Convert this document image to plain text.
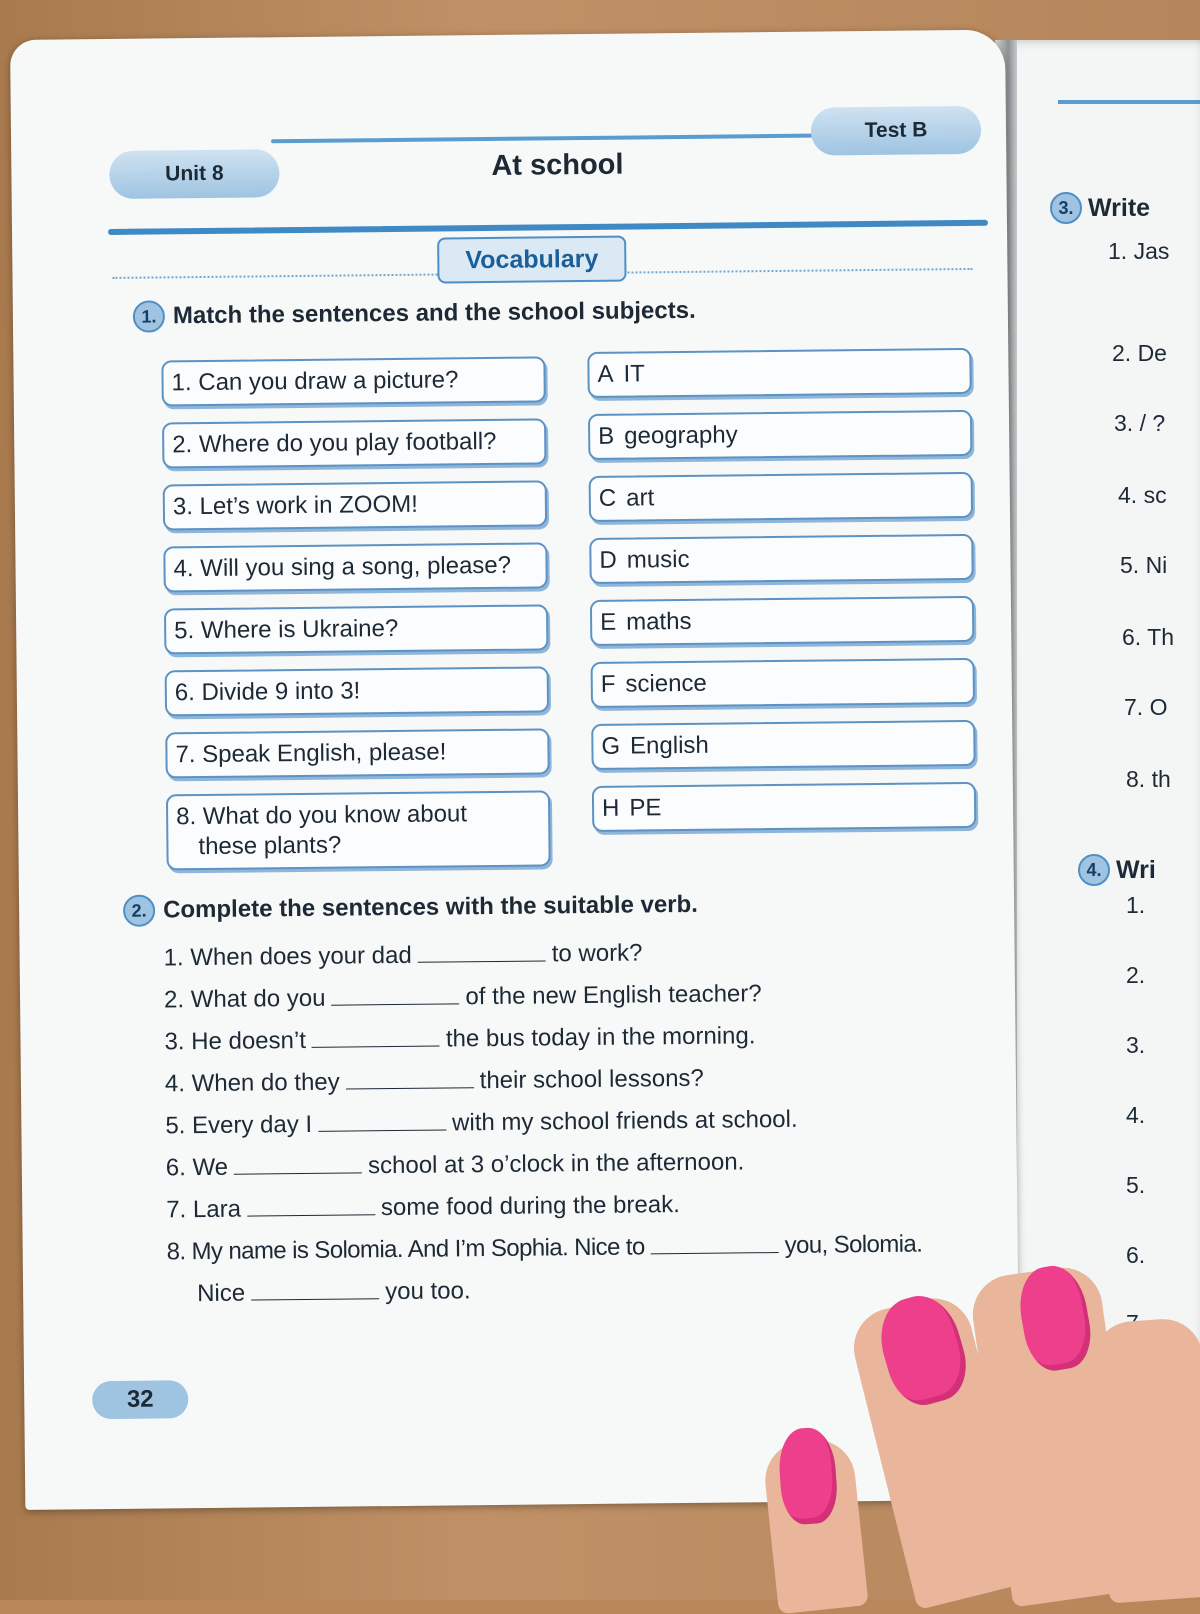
Unit 8	At school
Test B
Vocabulary
1. Match the sentences and the school subjects.
1. Can you draw a picture?
2. Where do you play football?
3. Let’s work in ZOOM!
4. Will you sing a song, please?
5. Where is Ukraine?
6. Divide 9 into 3!
7. Speak English, please!
8. What do you know about
these plants?
A IT
B geography
C art
D music
E maths
F science
G English
H PE
2. Complete the sentences with the suitable verb.
1. When does your dad	to work?
2. What do you	of the new English teacher?
3. He doesn’t	the bus today in the morning.
4. When do they	their school lessons?
5. Every day I	with my school friends at school.
6. We	school at 3 o’clock in the afternoon.
7. Lara	some food during the break.
8. My name is Solomia. And I’m Sophia. Nice to	you, Solomia.
Nice	you too.
32
3. Write
1. Jas
2. De
3. / ?
4. sc
5. Ni
6. Th
7. O
8. th
4. Wri
1.
2.
3.
4.
5.
6.
